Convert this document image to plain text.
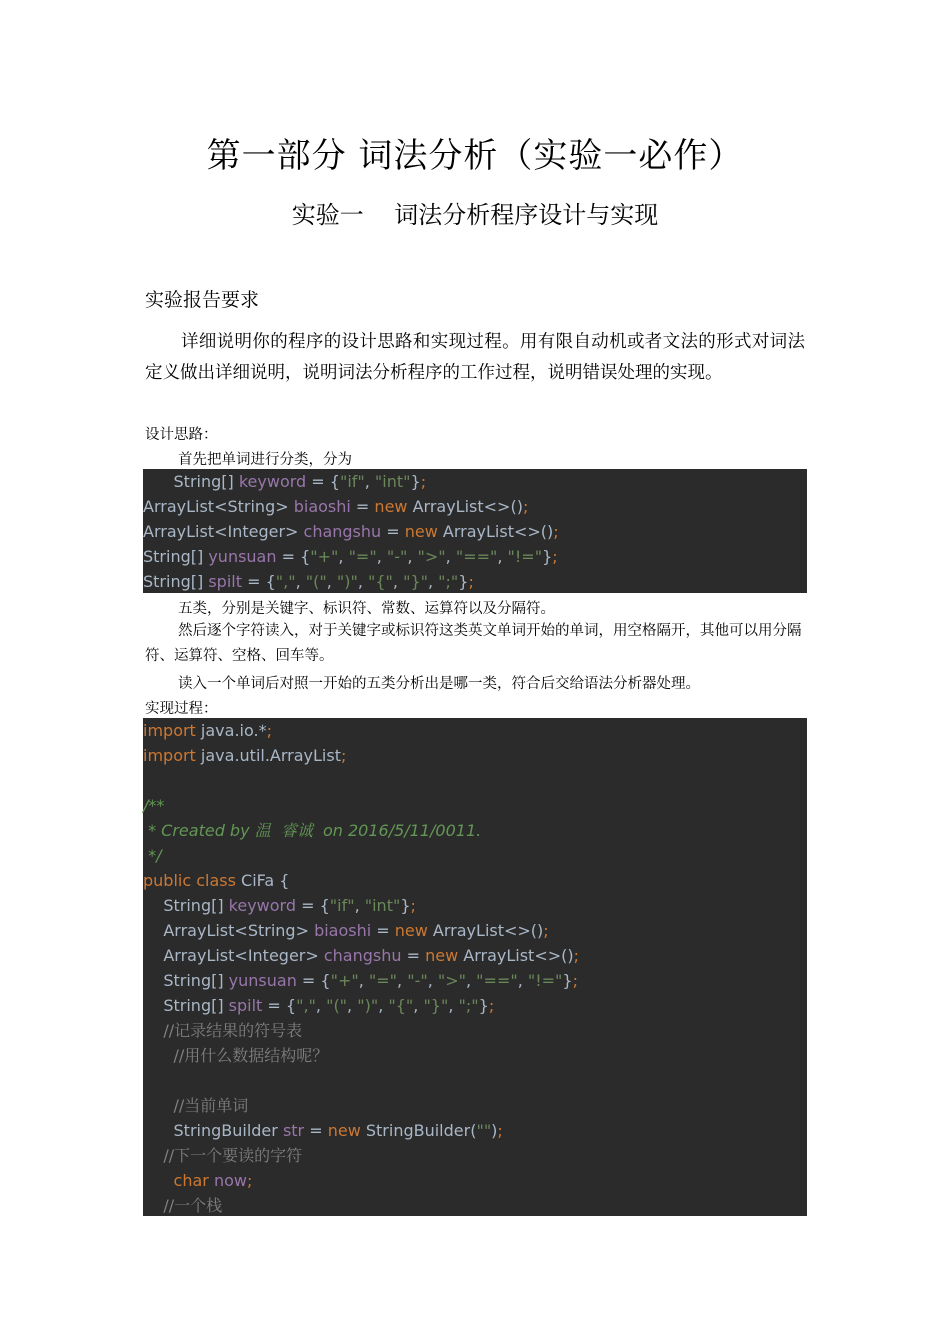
第一部分 词法分析（实验一必作）
实验一    词法分析程序设计与实现
实验报告要求
详细说明你的程序的设计思路和实现过程。用有限自动机或者文法的形式对词法定义做出详细说明，说明词法分析程序的工作过程，说明错误处理的实现。
设计思路：
首先把单词进行分类，分为
String[] keyword = {"if", "int"};
ArrayList<String> biaoshi = new ArrayList<>();
ArrayList<Integer> changshu = new ArrayList<>();
String[] yunsuan = {"+", "=", "-", ">", "==", "!="};
String[] spilt = {",", "(", ")", "{", "}", ";"};
五类，分别是关键字、标识符、常数、运算符以及分隔符。
然后逐个字符读入，对于关键字或标识符这类英文单词开始的单词，用空格隔开，其他可以用分隔符、运算符、空格、回车等。
读入一个单词后对照一开始的五类分析出是哪一类，符合后交给语法分析器处理。
实现过程：
import java.io.*;
import java.util.ArrayList;

/**
* Created by 温  睿诚  on 2016/5/11/0011.
*/
public class CiFa {
String[] keyword = {"if", "int"};
ArrayList<String> biaoshi = new ArrayList<>();
ArrayList<Integer> changshu = new ArrayList<>();
String[] yunsuan = {"+", "=", "-", ">", "==", "!="};
String[] spilt = {",", "(", ")", "{", "}", ";"};
//记录结果的符号表
//用什么数据结构呢？

//当前单词
StringBuilder str = new StringBuilder("");
//下一个要读的字符
char now;
//一个栈
